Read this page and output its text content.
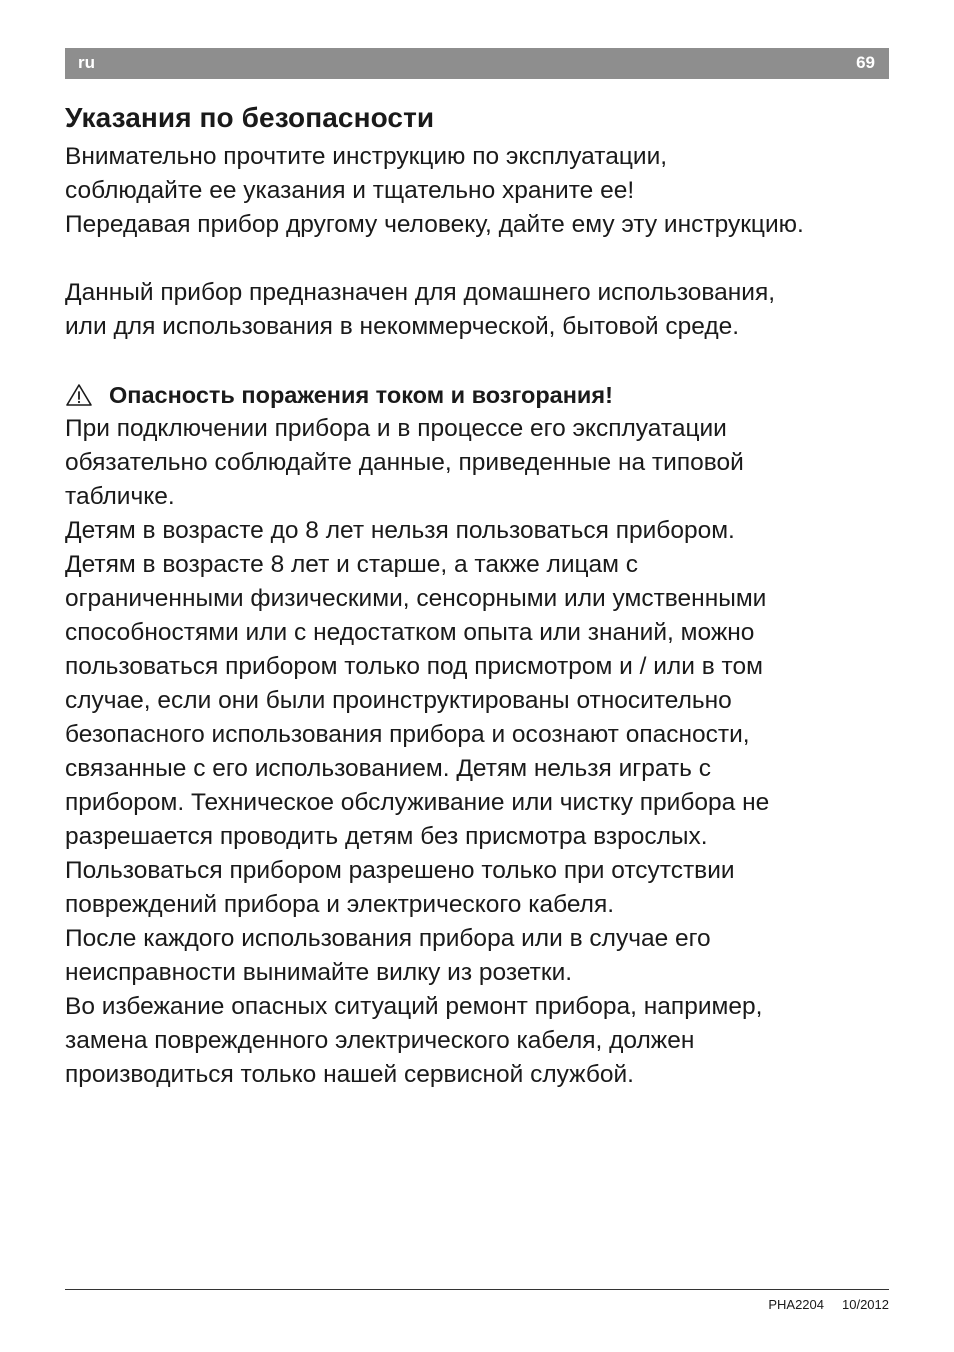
ru	69
Указания по безопасности

Внимательно прочтите инструкцию по эксплуатации,

соблюдайте ее указания и тщательно храните ее!

Передавая прибор другому человеку, дайте ему эту инструкцию.

Данный прибор предназначен для домашнего использования,

или для использования в некоммерческой, бытовой среде.

Опасность поражения током и возгорания!

При подключении прибора и в процессе его эксплуатации

обязательно соблюдайте данные, приведенные на типовой

табличке.

Детям в возрасте до 8 лет нельзя пользоваться прибором.

Детям в возрасте 8 лет и старше, а также лицам с

ограниченными физическими, сенсорными или умственными

способностями или с недостатком опыта или знаний, можно

пользоваться прибором только под присмотром и / или в том

случае, если они были проинструктированы относительно

безопасного использования прибора и осознают опасности,

связанные с его использованием. Детям нельзя играть с

прибором. Техническое обслуживание или чистку прибора не

разрешается проводить детям без присмотра взрослых.

Пользоваться прибором разрешено только при отсутствии

повреждений прибора и электрического кабеля.

После каждого использования прибора или в случае его

неисправности вынимайте вилку из розетки.

Во избежание опасных ситуаций ремонт прибора, например,

замена поврежденного электрического кабеля, должен

производиться только нашей сервисной службой.

PHA2204 10/2012
